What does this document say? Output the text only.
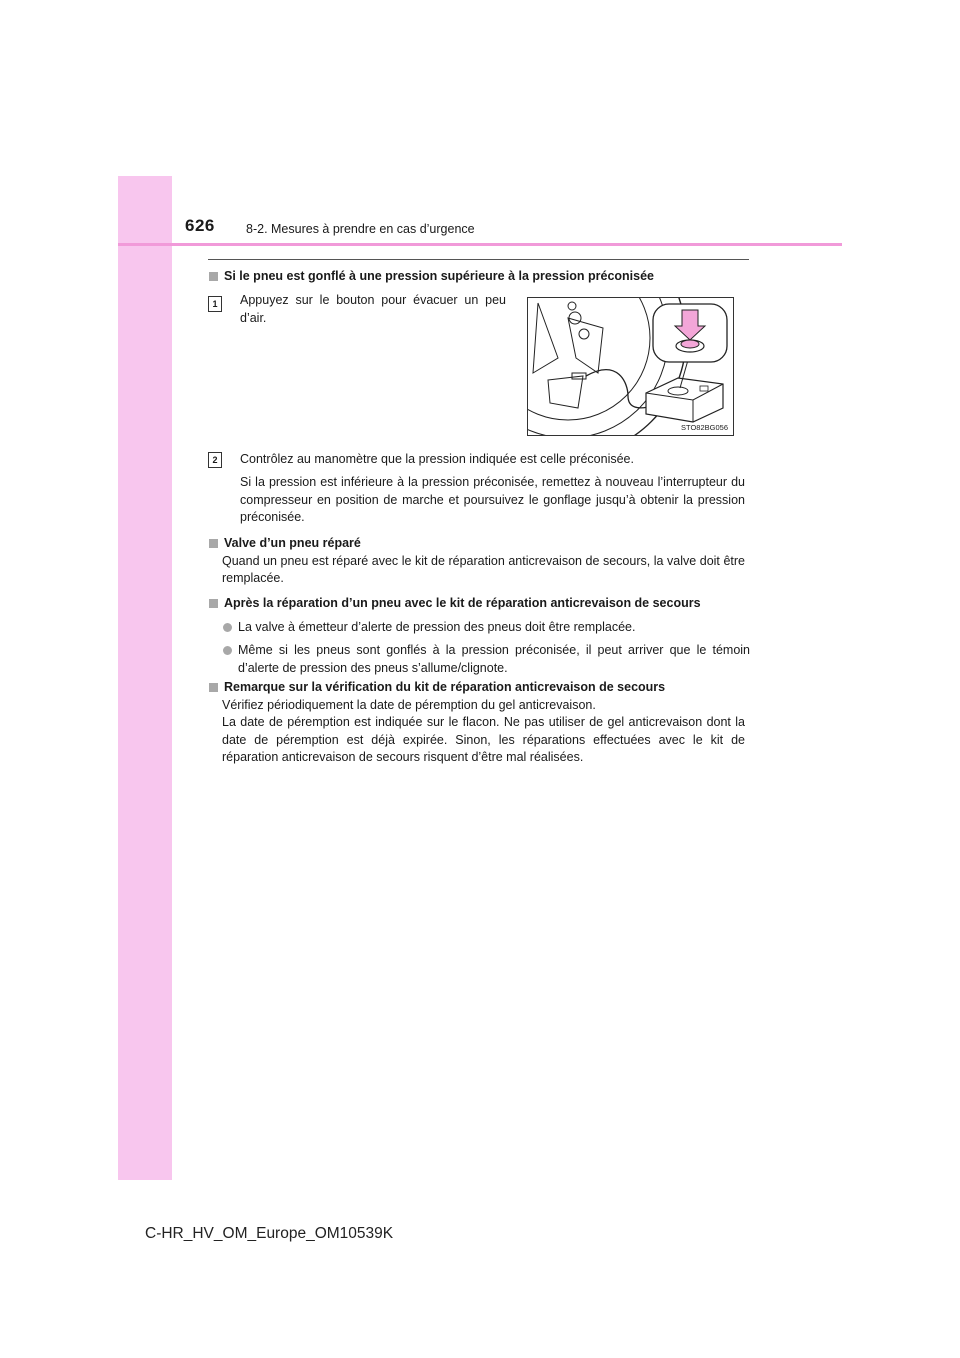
626 8-2. Mesures à prendre en cas d’urgence
Si le pneu est gonflé à une pression supérieure à la pression préconisée
1	Appuyez sur le bouton pour évacuer un peu d’air.
STO82BG056
2	Contrôlez au manomètre que la pression indiquée est celle préconisée.
Si la pression est inférieure à la pression préconisée, remettez à nouveau l’interrupteur du compresseur en position de marche et poursuivez le gonflage jusqu’à obtenir la pression préconisée.
Valve d’un pneu réparé
Quand un pneu est réparé avec le kit de réparation anticrevaison de secours, la valve doit être remplacée.
Après la réparation d’un pneu avec le kit de réparation anticrevaison de secours
La valve à émetteur d’alerte de pression des pneus doit être remplacée.
Même si les pneus sont gonflés à la pression préconisée, il peut arriver que le témoin d’alerte de pression des pneus s’allume/clignote.
Remarque sur la vérification du kit de réparation anticrevaison de secours
Vérifiez périodiquement la date de péremption du gel anticrevaison.
La date de péremption est indiquée sur le flacon. Ne pas utiliser de gel anticrevaison dont la date de péremption est déjà expirée. Sinon, les réparations effectuées avec le kit de réparation anticrevaison de secours risquent d’être mal réalisées.
C-HR_HV_OM_Europe_OM10539K
